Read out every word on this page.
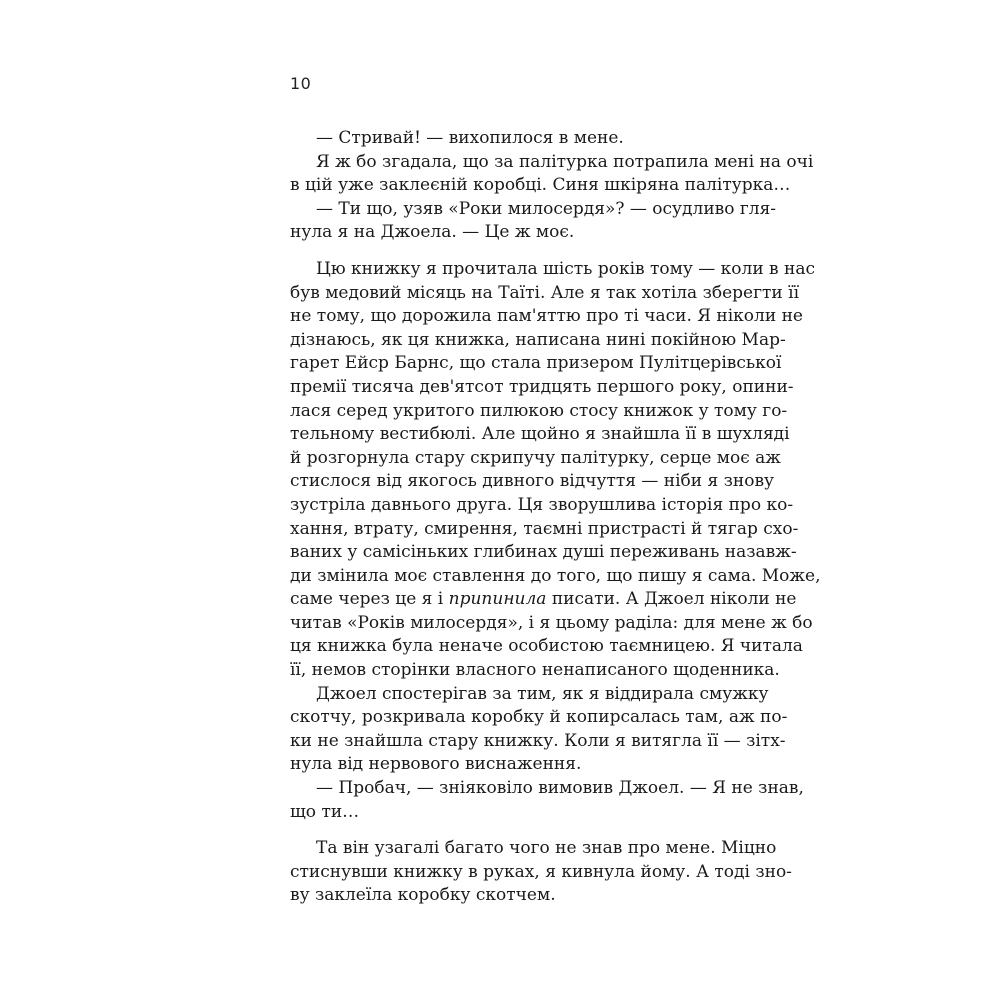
10
— Стривай! — вихопилося в мене.
Я ж бо згадала, що за палітурка потрапила мені на очі
в цій уже заклеєній коробці. Синя шкіряна палітурка…
— Ти що, узяв «Роки милосердя»? — осудливо гля-
нула я на Джоела. — Це ж моє.
Цю книжку я прочитала шість років тому — коли в нас
був медовий місяць на Таїті. Але я так хотіла зберегти її
не тому, що дорожила пам'яттю про ті часи. Я ніколи не
дізнаюсь, як ця книжка, написана нині покійною Мар-
гарет Ейср Барнс, що стала призером Пулітцерівської
премії тисяча дев'ятсот тридцять першого року, опини-
лася серед укритого пилюкою стосу книжок у тому го-
тельному вестибюлі. Але щойно я знайшла її в шухляді
й розгорнула стару скрипучу палітурку, серце моє аж
стислося від якогось дивного відчуття — ніби я знову
зустріла давнього друга. Ця зворушлива історія про ко-
хання, втрату, смирення, таємні пристрасті й тягар схо-
ваних у самісінькиx глибинах душі переживань назавж-
ди змінила моє ставлення до того, що пишу я сама. Може,
саме через це я і припинила писати. А Джоел ніколи не
читав «Років милосердя», і я цьому раділа: для мене ж бо
ця книжка була неначе особистою таємницею. Я читала
її, немов сторінки власного ненаписаного щоденника.
Джоел спостерігав за тим, як я віддирала смужку
скотчу, розкривала коробку й копирсалась там, аж по-
ки не знайшла стару книжку. Коли я витягла її — зітх-
нула від нервового виснаження.
— Пробач, — зніяковіло вимовив Джоел. — Я не знав,
що ти…
Та він узагалі багато чого не знав про мене. Міцно
стиснувши книжку в руках, я кивнула йому. А тоді зно-
ву заклеїла коробку скотчем.
